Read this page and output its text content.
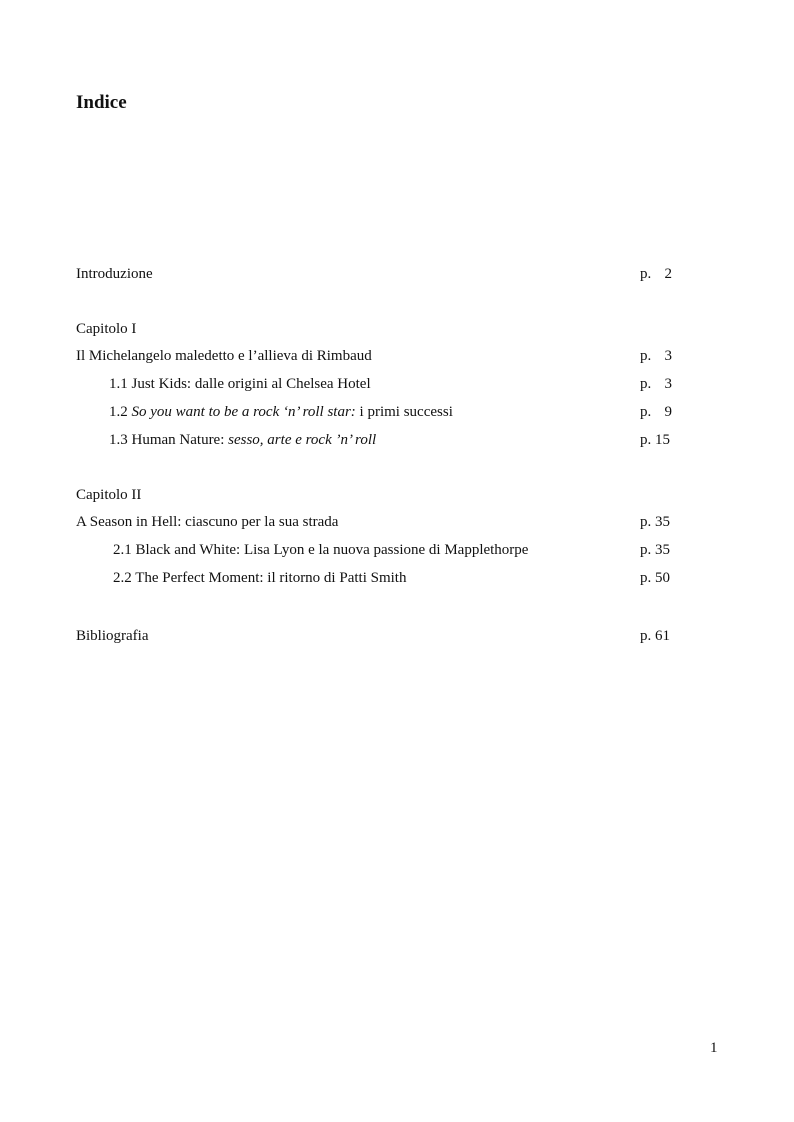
Indice
Introduzione	p. 2
Capitolo I
Il Michelangelo maledetto e l’allieva di Rimbaud	p. 3
1.1 Just Kids: dalle origini al Chelsea Hotel	p. 3
1.2 So you want to be a rock ‘n’ roll star: i primi successi	p. 9
1.3 Human Nature: sesso, arte e rock ’n’ roll	p. 15
Capitolo II
A Season in Hell: ciascuno per la sua strada	p. 35
2.1 Black and White: Lisa Lyon e la nuova passione di Mapplethorpe	p. 35
2.2 The Perfect Moment: il ritorno di Patti Smith	p. 50
Bibliografia	p. 61
1
